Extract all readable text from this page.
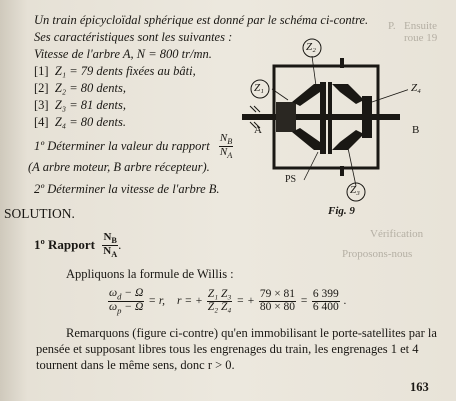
P. Ensuite
roue 19
Vérification
Proposons-nous
Un train épicycloïdal sphérique est donné par le schéma ci-contre.
Ses caractéristiques sont les suivantes :
Vitesse de l'arbre A, N = 800 tr/mn.
[1] Z₁ = 79 dents fixées au bâti,
[2] Z₂ = 80 dents,
[3] Z₃ = 81 dents,
[4] Z₄ = 80 dents.
1º Déterminer la valeur du rapport $\frac{N_B}{N_A}$
(A arbre moteur, B arbre récepteur).
2º Déterminer la vitesse de l'arbre B.
Z₂
Z₁	Z₄
Z₃
A	B
PS
Fig. 9
SOLUTION.
1º Rapport $\frac{N_B}{N_A}$ .
Appliquons la formule de Willis :
$\frac{\omega_d - \Omega}{\omega_p - \Omega} = r$, r = + $\frac{\text{Z₁ Z₃}}{\text{Z₂ Z₄}}$ = + $\frac{79 \times 81}{80 \times 80} = \frac{6 399}{6 400}$ .
Remarquons (figure ci-contre) qu'en immobilisant le porte-satellites par la
pensée et supposant libres tous les engrenages du train, les engrenages 1 et 4
tournent dans le même sens, donc r > 0.
163
